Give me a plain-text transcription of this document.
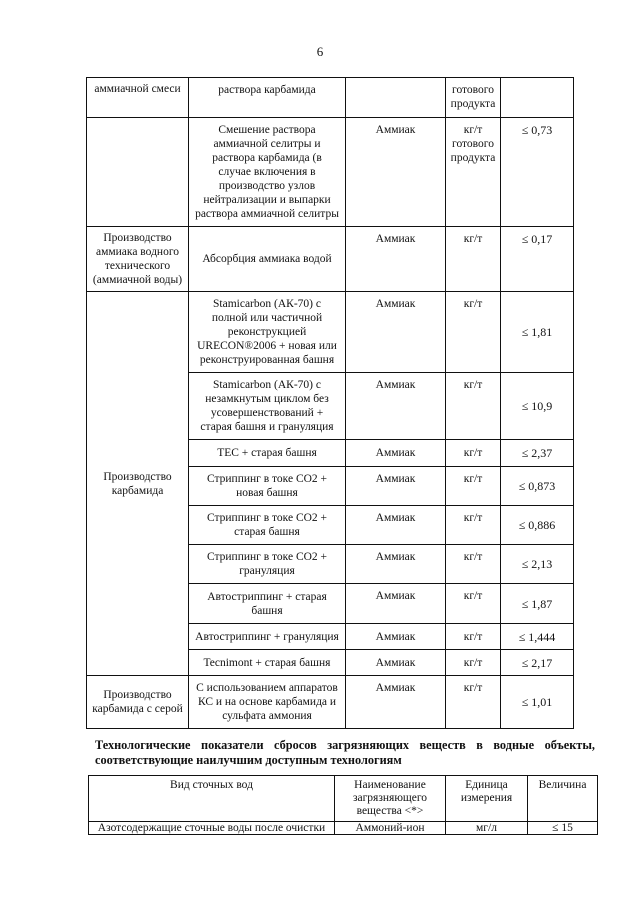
6
аммиачной смеси	раствора карбамида		готового продукта	
	Смешение раствора аммиачной селитры и раствора карбамида (в случае включения в производство узлов нейтрализации и выпарки раствора аммиачной селитры	Аммиак	кг/т готового продукта	≤ 0,73
Производство аммиака водного технического (аммиачной воды)	Абсорбция аммиака водой	Аммиак	кг/т	≤ 0,17
Производство карбамида	Stamicarbon (АК-70) с полной или частичной реконструкцией URECON®2006 + новая или реконструированная башня	Аммиак	кг/т	≤ 1,81
	Stamicarbon (АК-70) с незамкнутым циклом без усовершенствований + старая башня и грануляция	Аммиак	кг/т	≤ 10,9
	ТЕС + старая башня	Аммиак	кг/т	≤ 2,37
	Стриппинг в токе СО2 + новая башня	Аммиак	кг/т	≤ 0,873
	Стриппинг в токе СО2 + старая башня	Аммиак	кг/т	≤ 0,886
	Стриппинг в токе СО2 + грануляция	Аммиак	кг/т	≤ 2,13
	Автостриппинг + старая башня	Аммиак	кг/т	≤ 1,87
	Автостриппинг + грануляция	Аммиак	кг/т	≤ 1,444
	Tecnimont + старая башня	Аммиак	кг/т	≤ 2,17
Производство карбамида с серой	С использованием аппаратов КС и на основе карбамида и сульфата аммония	Аммиак	кг/т	≤ 1,01
Технологические показатели сбросов загрязняющих веществ в водные объекты, соответствующие наилучшим доступным технологиям
Вид сточных вод	Наименование загрязняющего вещества <*>	Единица измерения	Величина
Азотсодержащие сточные воды после очистки	Аммоний-ион	мг/л	≤ 15
